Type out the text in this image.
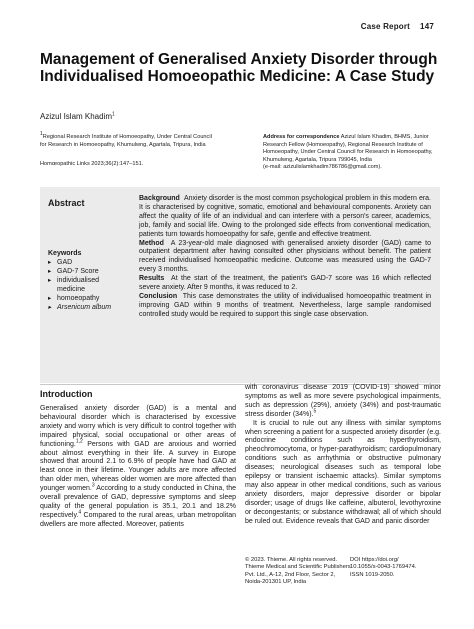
Case Report 147
Management of Generalised Anxiety Disorder through Individualised Homoeopathic Medicine: A Case Study
Azizul Islam Khadim$^1$

$^1$Regional Research Institute of Homoeopathy, Under Central Council

for Research in Homoeopathy, Khumulwng, Agartala, Tripura, India

Homœopathic Links 2023;36(2):147–151.

Address for correspondence Azizul Islam Khadim, BHMS, Junior

Research Fellow (Homoeopathy), Regional Research Institute of

Homoeopathy, Under Central Council for Research in Homoeopathy,

Khumulwng, Agartala, Tripura 799045, India

(e-mail: azizulislamkhadim786786@gmail.com).

Abstract
Keywords
▸ GAD
▸ GAD-7 Score
▸ individualised
medicine
▸ homoeopathy
▸ Arsenicum album

Background Anxiety disorder is the most common psychological problem in this modern era. It is characterised by cognitive, somatic, emotional and behavioural components. Anxiety can affect the quality of life of an individual and can interfere with a person's career, academics, job, family and social life. Owing to the prolonged side effects from conventional medication, patients turn towards homoeopathy for safe, gentle and effective treatment.

Method A 23-year-old male diagnosed with generalised anxiety disorder (GAD) came to outpatient department after having consulted other physicians without benefit. The patient received individualised homoeopathic medicine. Outcome was measured using the GAD-7 every 3 months.

Results At the start of the treatment, the patient's GAD-7 score was 16 which reflected severe anxiety. After 9 months, it was reduced to 2.

Conclusion This case demonstrates the utility of individualised homoeopathic treatment in improving GAD within 9 months of treatment. Nevertheless, large sample randomised controlled study would be required to support this single case observation.

Introduction

Generalised anxiety disorder (GAD) is a mental and behavioural disorder which is characterised by excessive anxiety and worry which is very difficult to control together with impaired physical, social occupational or other areas of functioning.$^{1,2}$ Persons with GAD are anxious and worried about almost everything in their life. A survey in Europe showed that around 2.1 to 6.9% of people have had GAD at least once in their lifetime. Younger adults are more affected than older men, whereas older women are more affected than younger women.$^3$ According to a study conducted in China, the overall prevalence of GAD, depressive symptoms and sleep quality of the general population is 35.1, 20.1 and 18.2% respectively.$^4$ Compared to the rural areas, urban metropolitan dwellers are more affected. Moreover, patients

with coronavirus disease 2019 (COVID-19) showed minor symptoms as well as more severe psychological impairments, such as depression (29%), anxiety (34%) and post-traumatic stress disorder (34%).$^5$

It is crucial to rule out any illness with similar symptoms when screening a patient for a suspected anxiety disorder (e.g. endocrine conditions such as hyperthyroidism, pheochromocytoma, or hyper-parathyroidism; cardiopulmonary conditions such as arrhythmia or obstructive pulmonary diseases; neurological diseases such as temporal lobe epilepsy or transient ischaemic attacks). Similar symptoms may also appear in other medical conditions, such as various anxiety disorders, major depressive disorder or bipolar disorder; usage of drugs like caffeine, albuterol, levothyroxine or decongestants; or substance withdrawal; all of which should be ruled out. Evidence reveals that GAD and panic disorder

© 2023. Thieme. All rights reserved.
Thieme Medical and Scientific Publishers
Pvt. Ltd., A-12, 2nd Floor, Sector 2,
Noida-201301 UP, India
DOI https://doi.org/
10.1055/s-0043-1769474.
ISSN 1019-2050.
